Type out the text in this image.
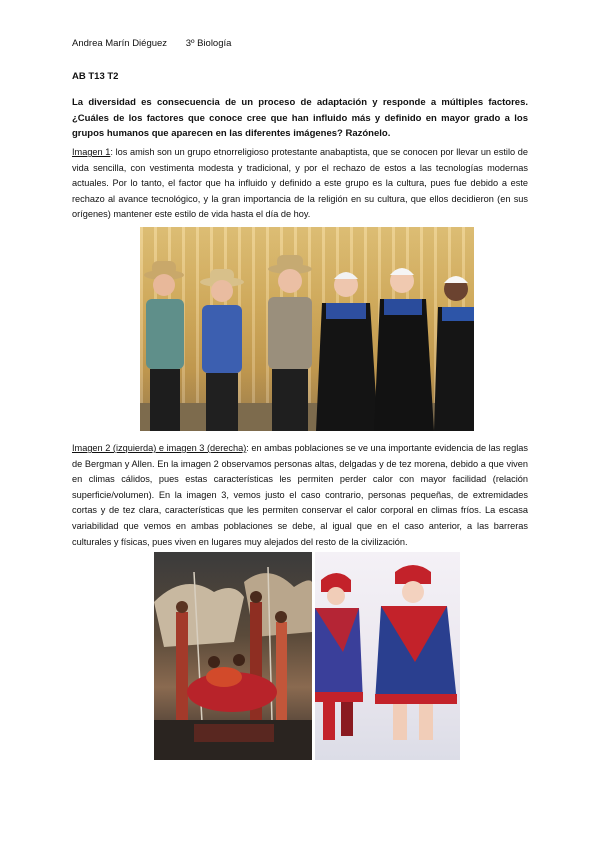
Andrea Marín Diéguez 3º Biología
AB T13 T2
La diversidad es consecuencia de un proceso de adaptación y responde a múltiples factores. ¿Cuáles de los factores que conoce cree que han influido más y definido en mayor grado a los grupos humanos que aparecen en las diferentes imágenes? Razónelo.
Imagen 1: los amish son un grupo etnorreligioso protestante anabaptista, que se conocen por llevar un estilo de vida sencilla, con vestimenta modesta y tradicional, y por el rechazo de estos a las tecnologías modernas actuales. Por lo tanto, el factor que ha influido y definido a este grupo es la cultura, pues fue debido a este rechazo al avance tecnológico, y la gran importancia de la religión en su cultura, que ellos decidieron (en sus orígenes) mantener este estilo de vida hasta el día de hoy.
Imagen 2 (izquierda) e imagen 3 (derecha): en ambas poblaciones se ve una importante evidencia de las reglas de Bergman y Allen. En la imagen 2 observamos personas altas, delgadas y de tez morena, debido a que viven en climas cálidos, pues estas características les permiten perder calor con mayor facilidad (relación superficie/volumen). En la imagen 3, vemos justo el caso contrario, personas pequeñas, de extremidades cortas y de tez clara, características que les permiten conservar el calor corporal en climas fríos. La escasa variabilidad que vemos en ambas poblaciones se debe, al igual que en el caso anterior, a las barreras culturales y físicas, pues viven en lugares muy alejados del resto de la civilización.
